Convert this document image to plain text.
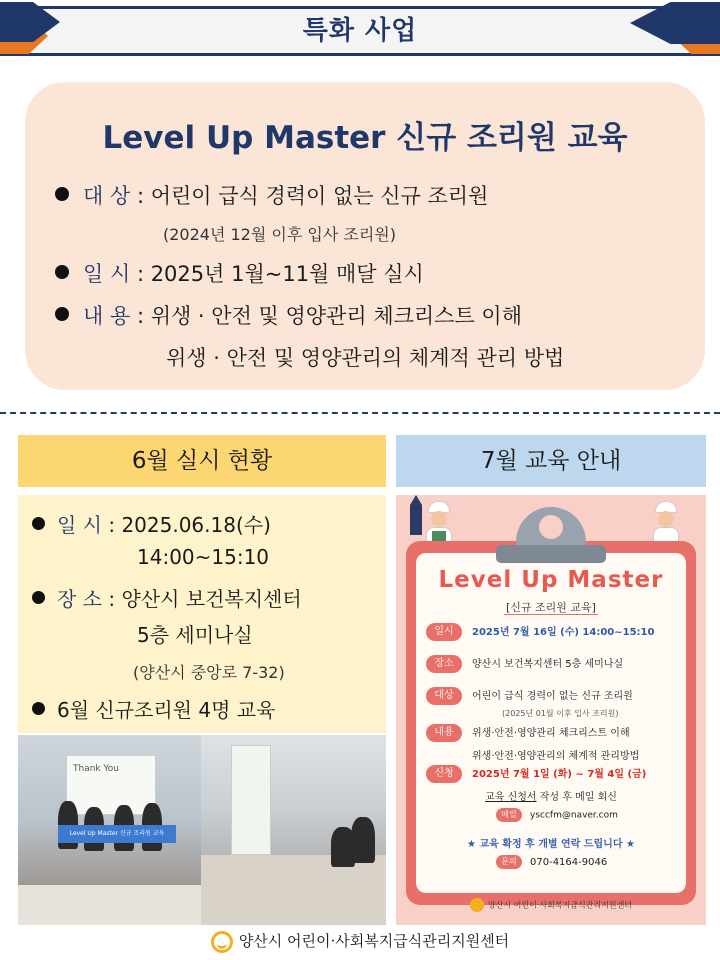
특화 사업
Level Up Master 신규 조리원 교육
대 상 : 어린이 급식 경력이 없는 신규 조리원
(2024년 12월 이후 입사 조리원)
일 시 : 2025년 1월~11월 매달 실시
내 용 : 위생 · 안전 및 영양관리 체크리스트 이해
위생 · 안전 및 영양관리의 체계적 관리 방법
6월 실시 현황
일 시 : 2025.06.18(수)
14:00~15:10
장 소 : 양산시 보건복지센터
5층 세미나실
(양산시 중앙로 7-32)
6월 신규조리원 4명 교육
Thank You
Level Up Master 신규 조리원 교육
7월 교육 안내
Level Up Master
[신규 조리원 교육]
일시 2025년 7월 16일 (수) 14:00~15:10
장소 양산시 보건복지센터 5층 세미나실
대상 어린이 급식 경력이 없는 신규 조리원
(2025년 01월 이후 입사 조리원)
내용 위생·안전·영양관리 체크리스트 이해
위생·안전·영양관리의 체계적 관리방법
신청 2025년 7월 1일 (화) ~ 7월 4일 (금)
교육 신청서 작성 후 메일 회신
메일 ysccfm@naver.com
★ 교육 확정 후 개별 연락 드립니다 ★
문의 070-4164-9046
양산시 어린이·사회복지급식관리지원센터
양산시 어린이·사회복지급식관리지원센터
